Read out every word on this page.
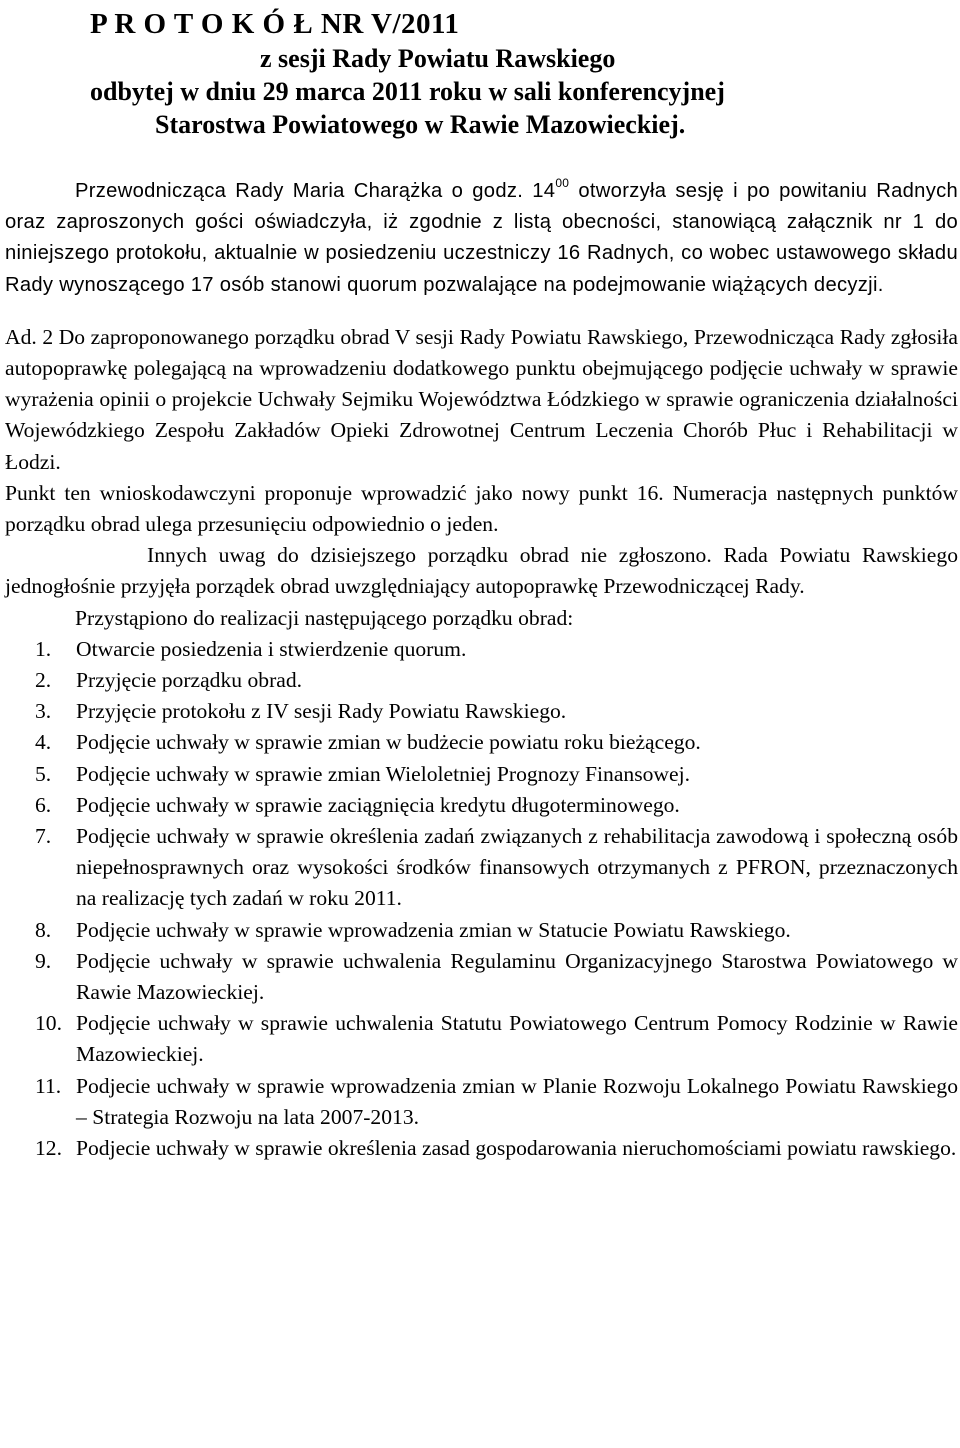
P R O T O K Ó Ł NR V/2011
z sesji Rady Powiatu Rawskiego
odbytej w dniu 29 marca 2011 roku w sali konferencyjnej
Starostwa Powiatowego w Rawie Mazowieckiej.
Przewodnicząca Rady Maria Charążka o godz. $14^{00}$ otworzyła sesję i po powitaniu Radnych oraz zaproszonych gości oświadczyła, iż zgodnie z listą obecności, stanowiącą załącznik nr 1 do niniejszego protokołu, aktualnie w posiedzeniu uczestniczy 16 Radnych, co wobec ustawowego składu Rady wynoszącego 17 osób stanowi quorum pozwalające na podejmowanie wiążących decyzji.
Ad. 2 Do zaproponowanego porządku obrad V sesji Rady Powiatu Rawskiego, Przewodnicząca Rady zgłosiła autopoprawkę polegającą na wprowadzeniu dodatkowego punktu obejmującego podjęcie uchwały w sprawie wyrażenia opinii o projekcie Uchwały Sejmiku Województwa Łódzkiego w sprawie ograniczenia działalności Wojewódzkiego Zespołu Zakładów Opieki Zdrowotnej Centrum Leczenia Chorób Płuc i Rehabilitacji w Łodzi.
Punkt ten wnioskodawczyni proponuje wprowadzić jako nowy punkt 16. Numeracja następnych punktów porządku obrad ulega przesunięciu odpowiednio o jeden.
Innych uwag do dzisiejszego porządku obrad nie zgłoszono. Rada Powiatu Rawskiego jednogłośnie przyjęła porządek obrad uwzględniający autopoprawkę Przewodniczącej Rady.
Przystąpiono do realizacji następującego porządku obrad:
1. Otwarcie posiedzenia i stwierdzenie quorum.
2. Przyjęcie porządku obrad.
3. Przyjęcie protokołu z IV sesji Rady Powiatu Rawskiego.
4. Podjęcie uchwały w sprawie zmian w budżecie powiatu roku bieżącego.
5. Podjęcie uchwały w sprawie zmian Wieloletniej Prognozy Finansowej.
6. Podjęcie uchwały w sprawie zaciągnięcia kredytu długoterminowego.
7. Podjęcie uchwały w sprawie określenia zadań związanych z rehabilitacja zawodową i społeczną osób niepełnosprawnych oraz wysokości środków finansowych otrzymanych z PFRON, przeznaczonych na realizację tych zadań w roku 2011.
8. Podjęcie uchwały w sprawie wprowadzenia zmian w Statucie Powiatu Rawskiego.
9. Podjęcie uchwały w sprawie uchwalenia Regulaminu Organizacyjnego Starostwa Powiatowego w Rawie Mazowieckiej.
10. Podjęcie uchwały w sprawie uchwalenia Statutu Powiatowego Centrum Pomocy Rodzinie w Rawie Mazowieckiej.
11. Podjecie uchwały w sprawie wprowadzenia zmian w Planie Rozwoju Lokalnego Powiatu Rawskiego – Strategia Rozwoju na lata 2007-2013.
12. Podjecie uchwały w sprawie określenia zasad gospodarowania nieruchomościami powiatu rawskiego.
